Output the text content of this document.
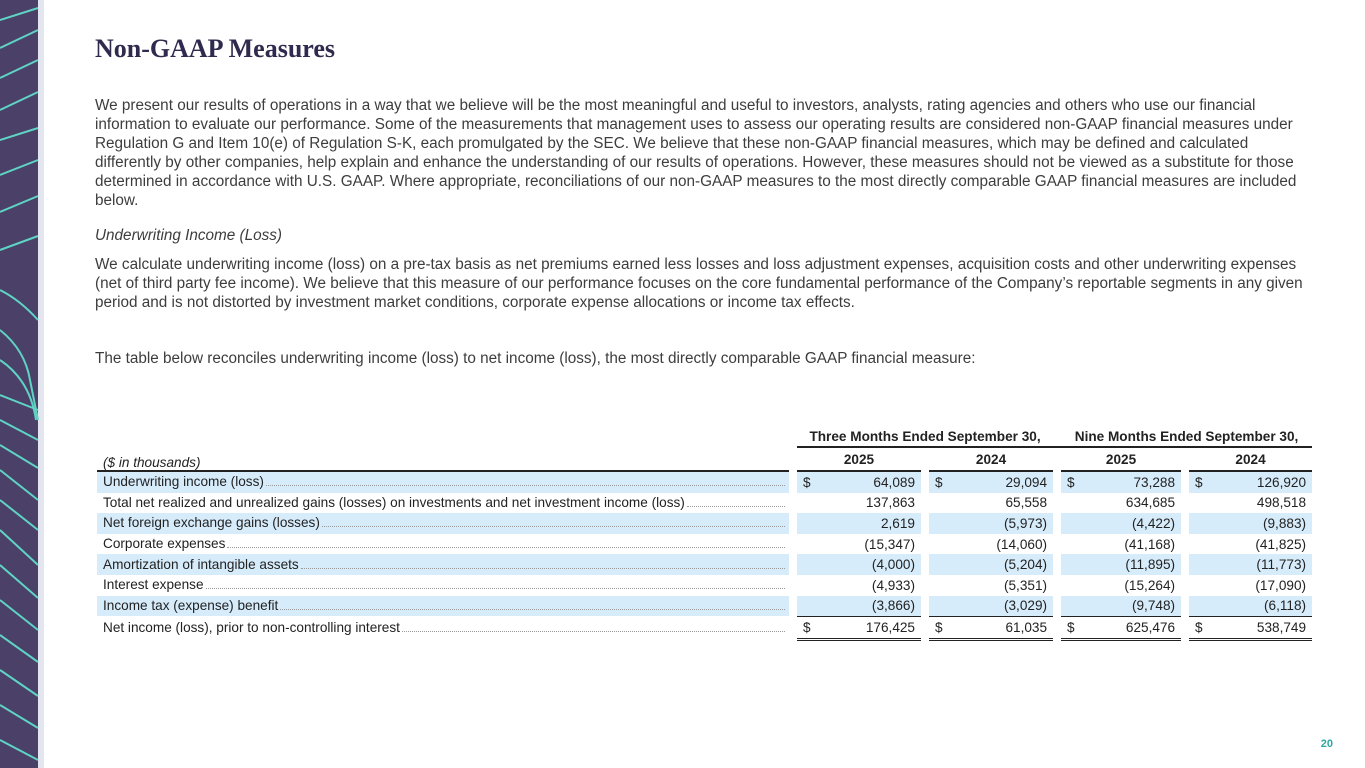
Non-GAAP Measures

We present our results of operations in a way that we believe will be the most meaningful and useful to investors, analysts, rating agencies and others who use our financial information to evaluate our performance. Some of the measurements that management uses to assess our operating results are considered non-GAAP financial measures under Regulation G and Item 10(e) of Regulation S-K, each promulgated by the SEC. We believe that these non-GAAP financial measures, which may be defined and calculated differently by other companies, help explain and enhance the understanding of our results of operations. However, these measures should not be viewed as a substitute for those determined in accordance with U.S. GAAP. Where appropriate, reconciliations of our non-GAAP measures to the most directly comparable GAAP financial measures are included below.

Underwriting Income (Loss)

We calculate underwriting income (loss) on a pre-tax basis as net premiums earned less losses and loss adjustment expenses, acquisition costs and other underwriting expenses (net of third party fee income). We believe that this measure of our performance focuses on the core fundamental performance of the Company’s reportable segments in any given period and is not distorted by investment market conditions, corporate expense allocations or income tax effects.

The table below reconciles underwriting income (loss) to net income (loss), the most directly comparable GAAP financial measure:

		Three Months Ended September 30,						Nine Months Ended September 30,				
($ in thousands)		2025			2024			2025			2024	

Underwriting income (loss)		$	64,089		$	29,094		$	73,288		$	126,920

Total net realized and unrealized gains (losses) on investments and net investment income (loss)			137,863			65,558			634,685			498,518

Net foreign exchange gains (losses)			2,619			(5,973)			(4,422)			(9,883)

Corporate expenses			(15,347)			(14,060)			(41,168)			(41,825)

Amortization of intangible assets			(4,000)			(5,204)			(11,895)			(11,773)

Interest expense			(4,933)			(5,351)			(15,264)			(17,090)

Income tax (expense) benefit			(3,866)			(3,029)			(9,748)			(6,118)

Net income (loss), prior to non-controlling interest		$	176,425		$	61,035		$	625,476		$	538,749
20
